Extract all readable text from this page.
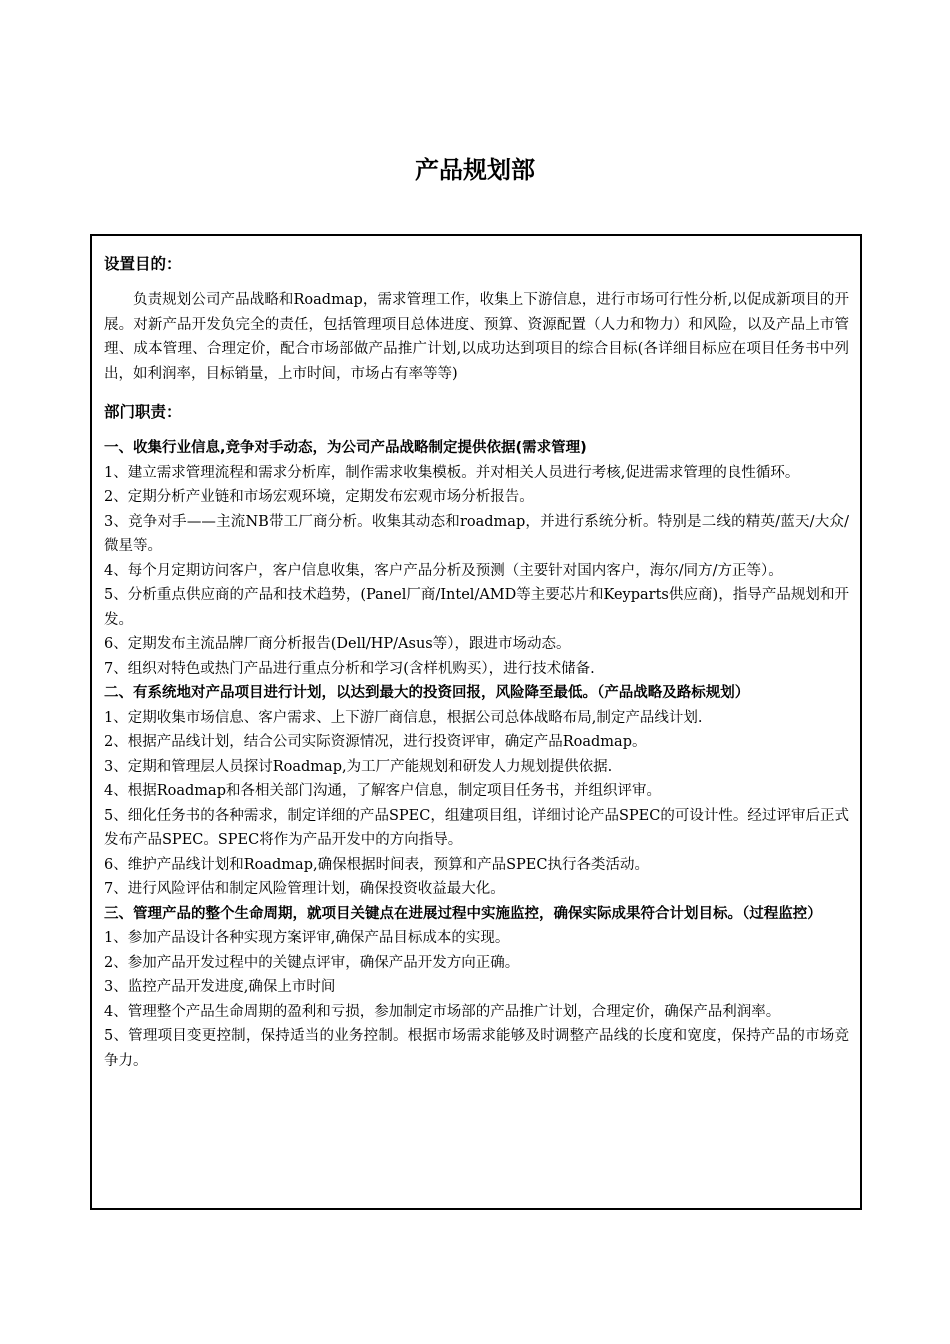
产品规划部
设置目的：
负责规划公司产品战略和Roadmap，需求管理工作，收集上下游信息，进行市场可行性分析,以促成新项目的开展。对新产品开发负完全的责任，包括管理项目总体进度、预算、资源配置（人力和物力）和风险，以及产品上市管理、成本管理、合理定价，配合市场部做产品推广计划,以成功达到项目的综合目标(各详细目标应在项目任务书中列出，如利润率，目标销量，上市时间，市场占有率等等)
部门职责：
一、收集行业信息,竞争对手动态，为公司产品战略制定提供依据(需求管理)
1、建立需求管理流程和需求分析库，制作需求收集模板。并对相关人员进行考核,促进需求管理的良性循环。
2、定期分析产业链和市场宏观环境，定期发布宏观市场分析报告。
3、竞争对手——主流NB带工厂商分析。收集其动态和roadmap，并进行系统分析。特别是二线的精英/蓝天/大众/微星等。
4、每个月定期访问客户，客户信息收集，客户产品分析及预测（主要针对国内客户，海尔/同方/方正等）。
5、分析重点供应商的产品和技术趋势，(Panel厂商/Intel/AMD等主要芯片和Keyparts供应商)，指导产品规划和开发。
6、定期发布主流品牌厂商分析报告(Dell/HP/Asus等），跟进市场动态。
7、组织对特色或热门产品进行重点分析和学习(含样机购买），进行技术储备.
二、有系统地对产品项目进行计划，以达到最大的投资回报，风险降至最低。（产品战略及路标规划）
1、定期收集市场信息、客户需求、上下游厂商信息，根据公司总体战略布局,制定产品线计划.
2、根据产品线计划，结合公司实际资源情况，进行投资评审，确定产品Roadmap。
3、定期和管理层人员探讨Roadmap,为工厂产能规划和研发人力规划提供依据.
4、根据Roadmap和各相关部门沟通，了解客户信息，制定项目任务书，并组织评审。
5、细化任务书的各种需求，制定详细的产品SPEC，组建项目组，详细讨论产品SPEC的可设计性。经过评审后正式发布产品SPEC。SPEC将作为产品开发中的方向指导。
6、维护产品线计划和Roadmap,确保根据时间表，预算和产品SPEC执行各类活动。
7、进行风险评估和制定风险管理计划，确保投资收益最大化。
三、管理产品的整个生命周期，就项目关键点在进展过程中实施监控，确保实际成果符合计划目标。（过程监控）
1、参加产品设计各种实现方案评审,确保产品目标成本的实现。
2、参加产品开发过程中的关键点评审，确保产品开发方向正确。
3、监控产品开发进度,确保上市时间
4、管理整个产品生命周期的盈利和亏损，参加制定市场部的产品推广计划，合理定价，确保产品利润率。
5、管理项目变更控制，保持适当的业务控制。根据市场需求能够及时调整产品线的长度和宽度，保持产品的市场竞争力。
